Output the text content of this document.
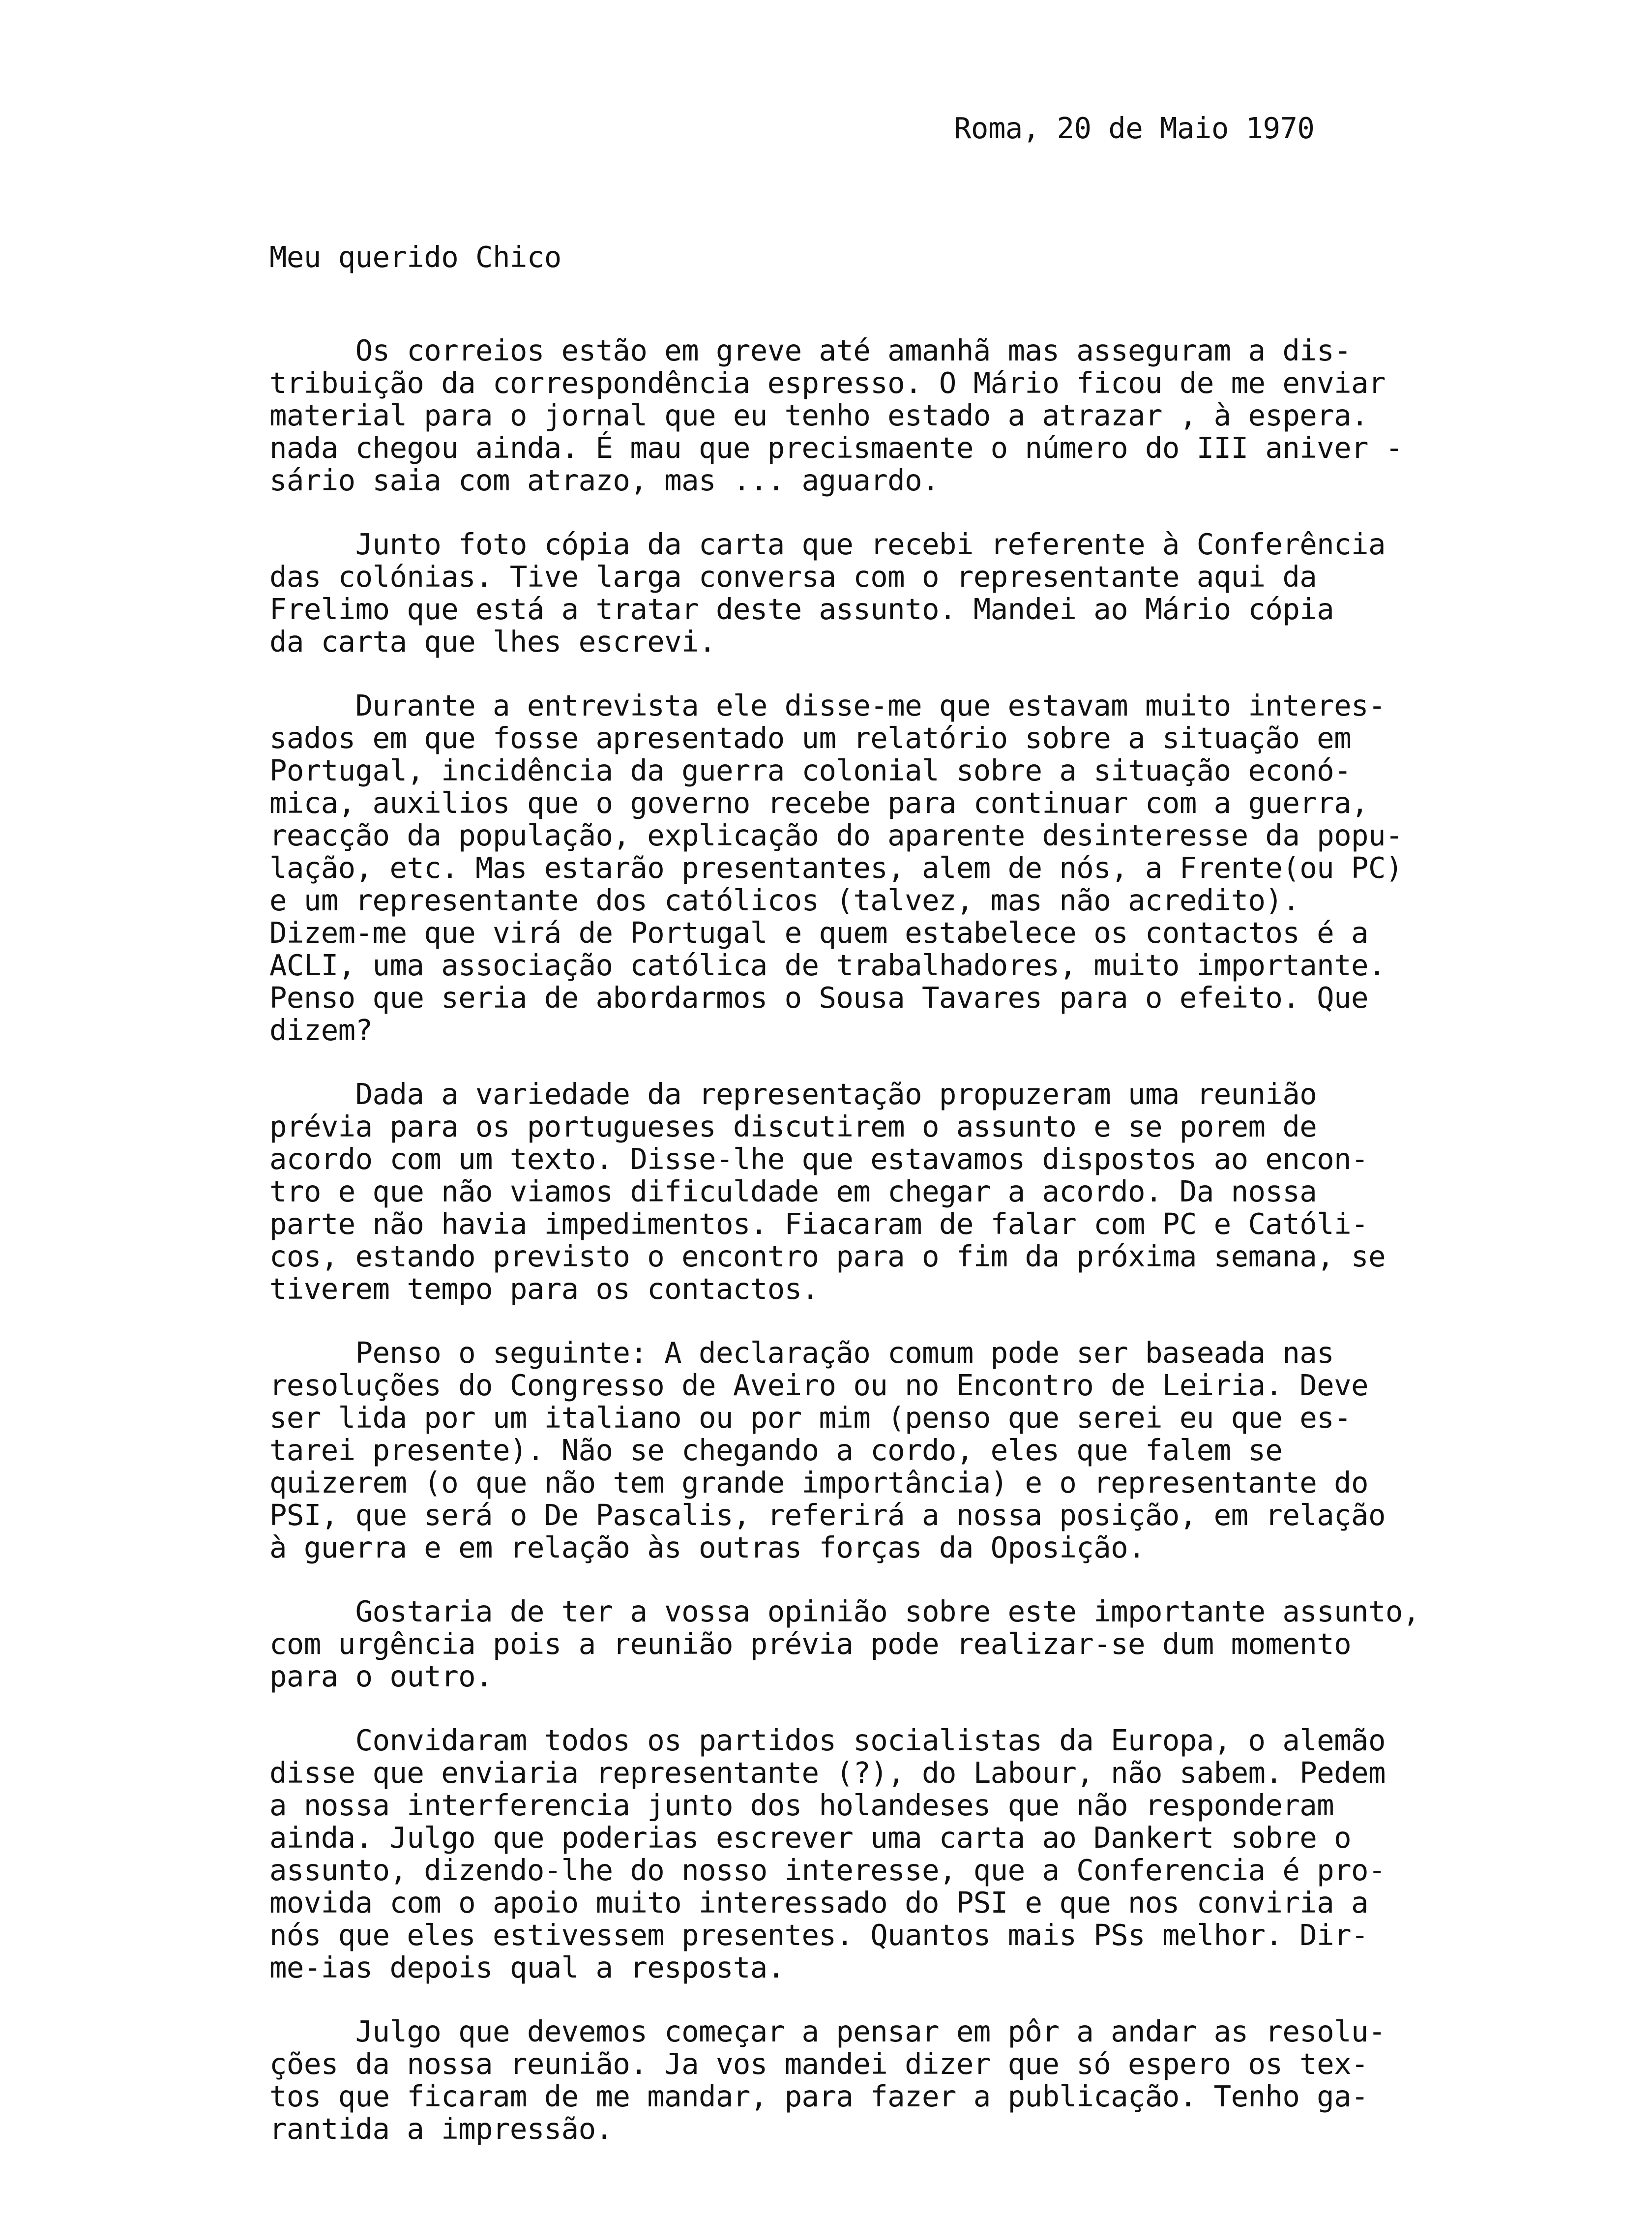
Roma, 20 de Maio 1970
Meu querido Chico
Os correios estão em greve até amanhã mas asseguram a dis-
tribuição da correspondência espresso. O Mário ficou de me enviar
material para o jornal que eu tenho estado a atrazar , à espera.
nada chegou ainda. É mau que precismaente o número do III aniver -
sário saia com atrazo, mas ... aguardo.
Junto foto cópia da carta que recebi referente à Conferência
das colónias. Tive larga conversa com o representante aqui da
Frelimo que está a tratar deste assunto. Mandei ao Mário cópia
da carta que lhes escrevi.
Durante a entrevista ele disse-me que estavam muito interes-
sados em que fosse apresentado um relatório sobre a situação em
Portugal, incidência da guerra colonial sobre a situação econó-
mica, auxilios que o governo recebe para continuar com a guerra,
reacção da população, explicação do aparente desinteresse da popu-
lação, etc. Mas estarão presentantes, alem de nós, a Frente(ou PC)
e um representante dos católicos (talvez, mas não acredito).
Dizem-me que virá de Portugal e quem estabelece os contactos é a
ACLI, uma associação católica de trabalhadores, muito importante.
Penso que seria de abordarmos o Sousa Tavares para o efeito. Que
dizem?
Dada a variedade da representação propuzeram uma reunião
prévia para os portugueses discutirem o assunto e se porem de
acordo com um texto. Disse-lhe que estavamos dispostos ao encon-
tro e que não viamos dificuldade em chegar a acordo. Da nossa
parte não havia impedimentos. Fiacaram de falar com PC e Católi-
cos, estando previsto o encontro para o fim da próxima semana, se
tiverem tempo para os contactos.
Penso o seguinte: A declaração comum pode ser baseada nas
resoluções do Congresso de Aveiro ou no Encontro de Leiria. Deve
ser lida por um italiano ou por mim (penso que serei eu que es-
tarei presente). Não se chegando a cordo, eles que falem se
quizerem (o que não tem grande importância) e o representante do
PSI, que será o De Pascalis, referirá a nossa posição, em relação
à guerra e em relação às outras forças da Oposição.
Gostaria de ter a vossa opinião sobre este importante assunto,
com urgência pois a reunião prévia pode realizar-se dum momento
para o outro.
Convidaram todos os partidos socialistas da Europa, o alemão
disse que enviaria representante (?), do Labour, não sabem. Pedem
a nossa interferencia junto dos holandeses que não responderam
ainda. Julgo que poderias escrever uma carta ao Dankert sobre o
assunto, dizendo-lhe do nosso interesse, que a Conferencia é pro-
movida com o apoio muito interessado do PSI e que nos conviria a
nós que eles estivessem presentes. Quantos mais PSs melhor. Dir-
me-ias depois qual a resposta.
Julgo que devemos começar a pensar em pôr a andar as resolu-
ções da nossa reunião. Ja vos mandei dizer que só espero os tex-
tos que ficaram de me mandar, para fazer a publicação. Tenho ga-
rantida a impressão.
